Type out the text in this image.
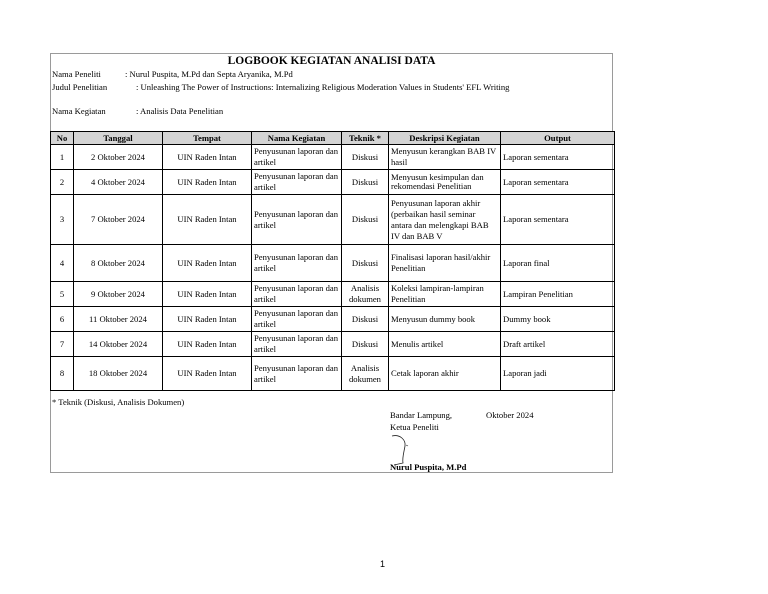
LOGBOOK KEGIATAN ANALISI DATA
Nama Peneliti	: Nurul Puspita, M.Pd dan Septa Aryanika, M.Pd
Judul Penelitian	: Unleashing The Power of Instructions: Internalizing Religious Moderation Values in Students' EFL Writing
Nama Kegiatan	: Analisis Data Penelitian
No	Tanggal	Tempat	Nama Kegiatan	Teknik *	Deskripsi Kegiatan	Output
1	2 Oktober 2024	UIN Raden Intan	Penyusunan laporan dan artikel	Diskusi	Menyusun kerangkan BAB IV hasil	Laporan sementara
2	4 Oktober 2024	UIN Raden Intan	Penyusunan laporan dan artikel	Diskusi	Menyusun kesimpulan dan rekomendasi Penelitian	Laporan sementara
3	7 Oktober 2024	UIN Raden Intan	Penyusunan laporan dan artikel	Diskusi	Penyusunan laporan akhir (perbaikan hasil seminar antara dan melengkapi BAB IV dan BAB V	Laporan sementara
4	8 Oktober 2024	UIN Raden Intan	Penyusunan laporan dan artikel	Diskusi	Finalisasi laporan hasil/akhir Penelitian	Laporan final
5	9 Oktober 2024	UIN Raden Intan	Penyusunan laporan dan artikel	Analisis dokumen	Koleksi lampiran-lampiran Penelitian	Lampiran Penelitian
6	11 Oktober 2024	UIN Raden Intan	Penyusunan laporan dan artikel	Diskusi	Menyusun dummy book	Dummy book
7	14 Oktober 2024	UIN Raden Intan	Penyusunan laporan dan artikel	Diskusi	Menulis artikel	Draft artikel
8	18 Oktober 2024	UIN Raden Intan	Penyusunan laporan dan artikel	Analisis dokumen	Cetak laporan akhir	Laporan jadi
* Teknik (Diskusi, Analisis Dokumen)
Bandar Lampung,	Oktober 2024
Ketua Peneliti
Nurul Puspita, M.Pd
1
